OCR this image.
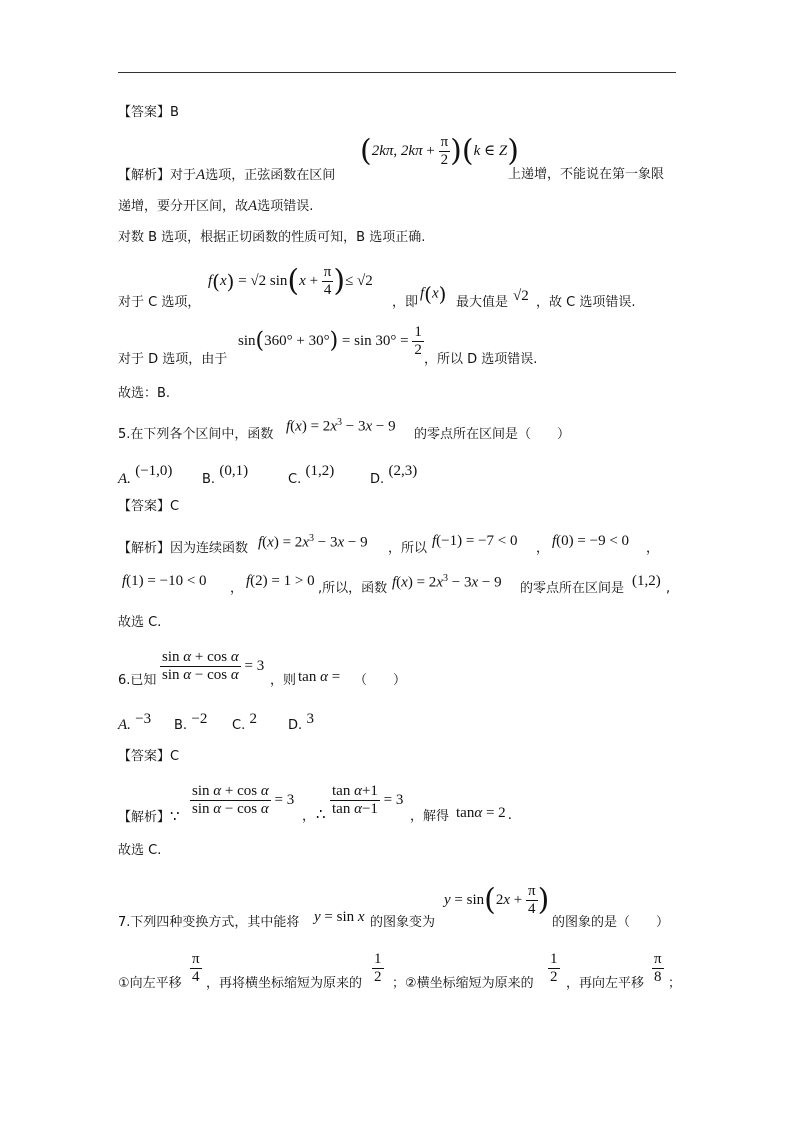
【答案】B
【解析】对于A选项，正弦函数在区间
(2kπ, $2k\pi + \frac{\pi}{2} )(k$ ∈ Z)
上递增，不能说在第一象限
递增，要分开区间，故A选项错误.
对数 B 选项，根据正切函数的性质可知，B 选项正确.
对于 C 选项，
f(x) = √2 $\sin(x + \frac{\pi}{4}$ )≤ √2
，即
f(x) 最大值是 √2 ，故 C 选项错误.
对于 D 选项，由于
$\sin(360^\circ + 30^\circ) = \sin 30^\circ = \frac{1}{2}$
，所以 D 选项错误.
故选：B.
5.在下列各个区间中，函数 $f(x) = 2x^3 - 3x - 9$ 的零点所在区间是（　　）
A. (−1,0)
B. (0,1)
C. (1,2)
D. (2,3)
【答案】C
【解析】因为连续函数 $f(x) = 2x^3 - 3x - 9$ ，所以 f(−1) = −7 < 0 ， f(0) = −9 < 0 ，
f(1) = −10 < 0 ， f(2) = 1 > 0 ,所以，函数 $f(x) = 2x^3 - 3x - 9$ 的零点所在区间是 (1,2) ,
故选 C.
6.已知 $\frac{\text{sin α + cos α}}{\text{sin α − cos α}} = 3$
，则 tan α = （　　）
A. −3 B. −2 C. 2 D. 3
【答案】C
【解析】∵ $\frac{\text{sin α + cos α}}{\text{sin α − cos α}} = 3$
， ∴ $\frac{\text{tan α+1}}{\text{tan α−1}} = 3$
，解得 tanα = 2 .
故选 C.
7.下列四种变换方式，其中能将 y = sin x 的图象变为
$y = \sin(2x + \frac{\pi}{4}$ )
的图象的是（　　）
①向左平移 $\frac{\pi}{4}$ ，再将横坐标缩短为原来的 $\frac{1}{2}$ ；②横坐标缩短为原来的 $\frac{1}{2}$ ，再向左平移 $\frac{\pi}{8}$ ；
